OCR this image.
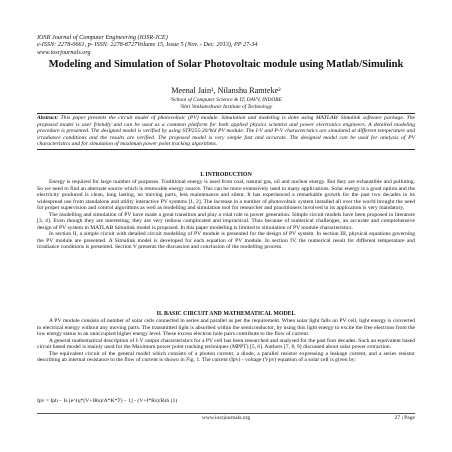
IOSR Journal of Computer Engineering (IOSR-JCE)
e-ISSN: 2278-0661, p- ISSN: 2278-8727Volume 15, Issue 5 (Nov. - Dec. 2013), PP 27-34
www.iosrjournals.org
Modeling and Simulation of Solar Photovoltaic module using Matlab/Simulink
Meenal Jain¹, Nilanshu Ramteke²
¹School of Computer Science & IT, DAVV, INDORE
²Shri Venkateshwar Institute of Technology
Abstract: This paper presents the circuit model of photovoltaic (PV) module. Simulation and modeling is done using MATLAB/ Simulink software package. The proposed model is user friendly and can be used as a common platform for both applied physics scientist and power electronics engineers. A detailed modeling procedure is presented. The designed model is verified by using STP255-20/Wd PV module. The I-V and P-V characteristics are simulated at different temperature and irradiance conditions and the results are verified. The proposed model is very simple fast and accurate. The designed model can be used for analysis of PV characteristics and for simulation of maximum power point tracking algorithms.
I. INTRODUCTION

Energy is required for large number of purposes. Traditional energy is used from coal, natural gas, oil and nuclear energy. But they are exhaustible and polluting. So we need to find an alternate source which is renewable energy source. This can be more extensively used in many applications. Solar energy is a good option and the electricity produced is clean, long lasting, no moving parts, less maintenance and silent. It has experienced a remarkable growth for the past two decades in its widespread use from standalone and utility interactive PV systems [1, 2]. The increase in a number of photovoltaic system installed all over the world brought the need for proper supervision and control algorithms as well as modelling and simulation tool for researcher and practitioners involved in its application is very mandatory.

The modelling and simulation of PV have made a great transition and play a vital role in power generation. Simple circuit models have been proposed in literature [3, 4]. Even though they are interesting, they are very tedious complicated and impractical. Thus because of numerical challenges, an accurate and comprehensive design of PV system in MATLAB Simulink model is proposed. In this paper modelling is limited to simulation of PV module characteristics.

In section II, a simple circuit with detailed circuit modelling of PV module is presented for the design of PV system. In section III, physical equations governing the PV module are presented. A Simulink model is developed for each equation of PV module. In section IV, the numerical result for different temperature and irradiance conditions is presented. Section V presents the discussion and conclusion of the modelling process.

II. BASIC CIRCUIT AND MATHEMATICAL MODEL

A PV module consists of number of solar cells connected in series and parallel as per the requirement. When solar light falls on PV cell, light energy is converted to electrical energy without any moving parts. The transmitted light is absorbed within the semiconductor, by using this light energy to excite the free electrons from the low energy status to an unoccupied higher energy level. These excess electron hole pairs contribute to the flow of current.

A general mathematical description of I-V output characteristics for a PV cell has been researched and analysed for the past four decades. Such an equivalent based circuit based model is mainly used for the Maximum power point tracking techniques (MPPT) [5, 6]. Authors [7, 8, 9] discussed about solar power extraction.

The equivalent circuit of the general model which consists of a photon current, a diode, a parallel resistor expressing a leakage current, and a series resistor describing an internal resistance to the flow of current is shown in Fig. 1. The current (Ipv) - voltage (Vpv) equation of a solar cell is given by:

Ipv = Iph – Is [e^(q*(V+IRs)/A*K*T) – 1] - (V+I*Rs)/Rsh (1)
www.iosrjournals.org	27 | Page
